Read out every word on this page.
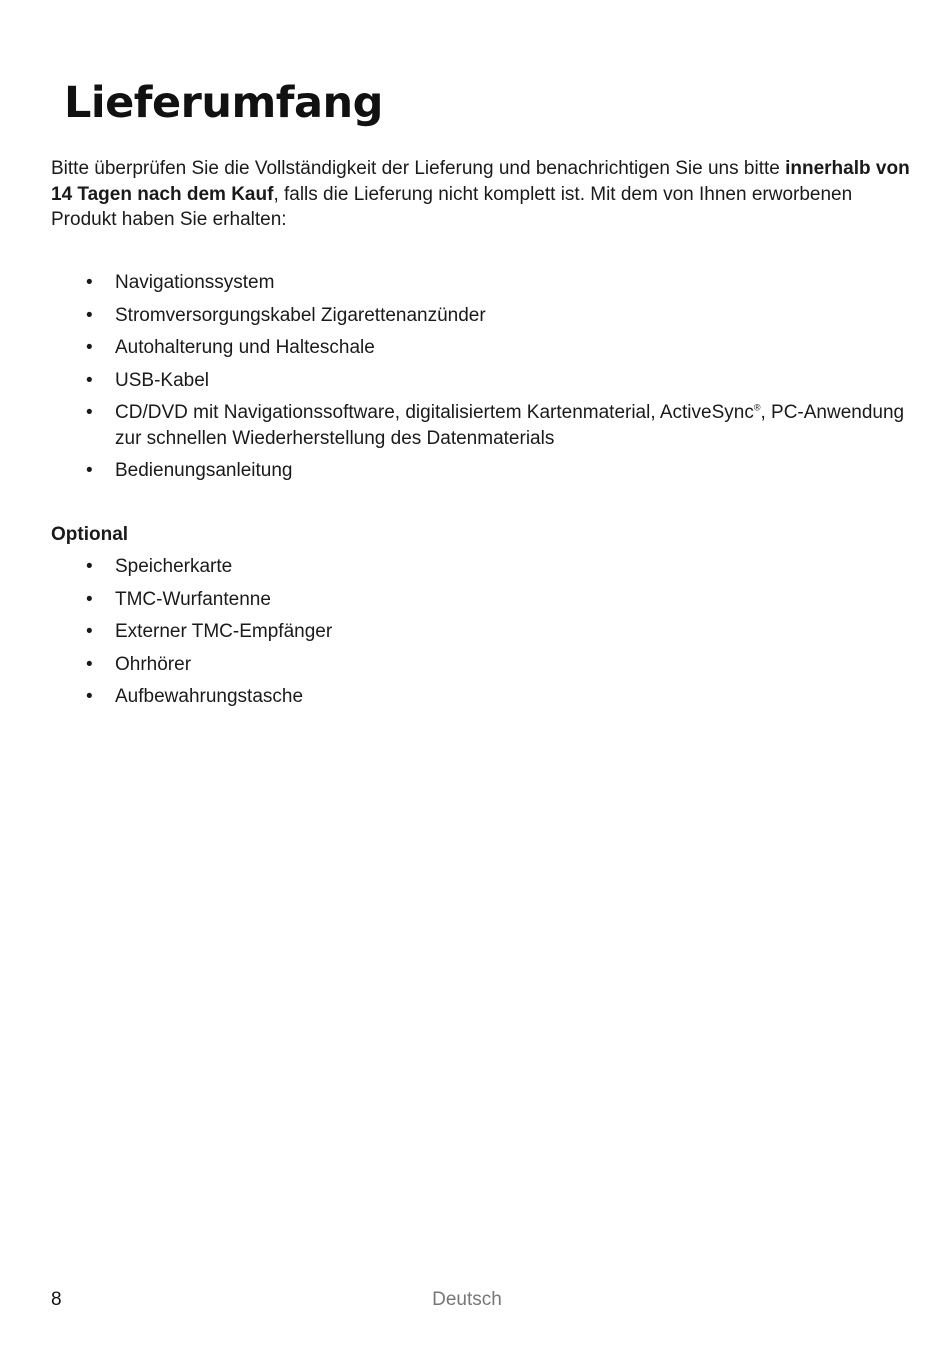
Lieferumfang

Bitte überprüfen Sie die Vollständigkeit der Lieferung und benachrichtigen Sie uns bitte innerhalb von 14 Tagen nach dem Kauf, falls die Lieferung nicht komplett ist. Mit dem von Ihnen erworbenen Produkt haben Sie erhalten:

• Navigationssystem
• Stromversorgungskabel Zigarettenanzünder
• Autohalterung und Halteschale
• USB-Kabel
• CD/DVD mit Navigationssoftware, digitalisiertem Kartenmaterial, ActiveSync®, PC-Anwendung zur schnellen Wiederherstellung des Datenmaterials
• Bedienungsanleitung
Optional
• Speicherkarte
• TMC-Wurfantenne
• Externer TMC-Empfänger
• Ohrhörer
• Aufbewahrungstasche
8	Deutsch
